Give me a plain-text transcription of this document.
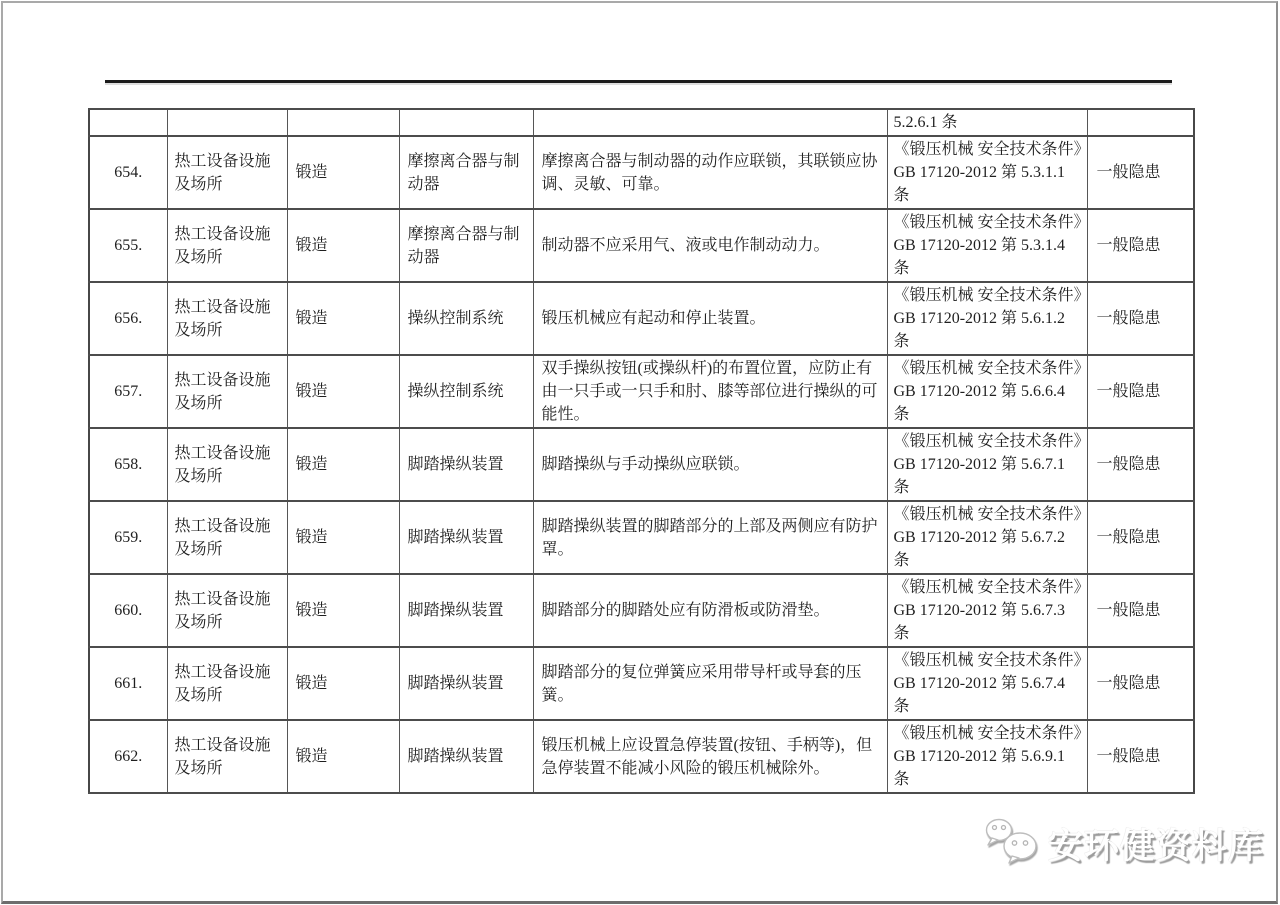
					5.2.6.1 条	
654.	热工设备设施及场所	锻造	摩擦离合器与制动器	摩擦离合器与制动器的动作应联锁，其联锁应协调、灵敏、可靠。	《锻压机械 安全技术条件》GB 17120-2012 第 5.3.1.1 条	一般隐患
655.	热工设备设施及场所	锻造	摩擦离合器与制动器	制动器不应采用气、液或电作制动动力。	《锻压机械 安全技术条件》GB 17120-2012 第 5.3.1.4 条	一般隐患
656.	热工设备设施及场所	锻造	操纵控制系统	锻压机械应有起动和停止装置。	《锻压机械 安全技术条件》GB 17120-2012 第 5.6.1.2 条	一般隐患
657.	热工设备设施及场所	锻造	操纵控制系统	双手操纵按钮(或操纵杆)的布置位置，应防止有由一只手或一只手和肘、膝等部位进行操纵的可能性。	《锻压机械 安全技术条件》GB 17120-2012 第 5.6.6.4 条	一般隐患
658.	热工设备设施及场所	锻造	脚踏操纵装置	脚踏操纵与手动操纵应联锁。	《锻压机械 安全技术条件》GB 17120-2012 第 5.6.7.1 条	一般隐患
659.	热工设备设施及场所	锻造	脚踏操纵装置	脚踏操纵装置的脚踏部分的上部及两侧应有防护罩。	《锻压机械 安全技术条件》GB 17120-2012 第 5.6.7.2 条	一般隐患
660.	热工设备设施及场所	锻造	脚踏操纵装置	脚踏部分的脚踏处应有防滑板或防滑垫。	《锻压机械 安全技术条件》GB 17120-2012 第 5.6.7.3 条	一般隐患
661.	热工设备设施及场所	锻造	脚踏操纵装置	脚踏部分的复位弹簧应采用带导杆或导套的压簧。	《锻压机械 安全技术条件》GB 17120-2012 第 5.6.7.4 条	一般隐患
662.	热工设备设施及场所	锻造	脚踏操纵装置	锻压机械上应设置急停装置(按钮、手柄等)，但急停装置不能减小风险的锻压机械除外。	《锻压机械 安全技术条件》GB 17120-2012 第 5.6.9.1 条	一般隐患
安环健资料库
